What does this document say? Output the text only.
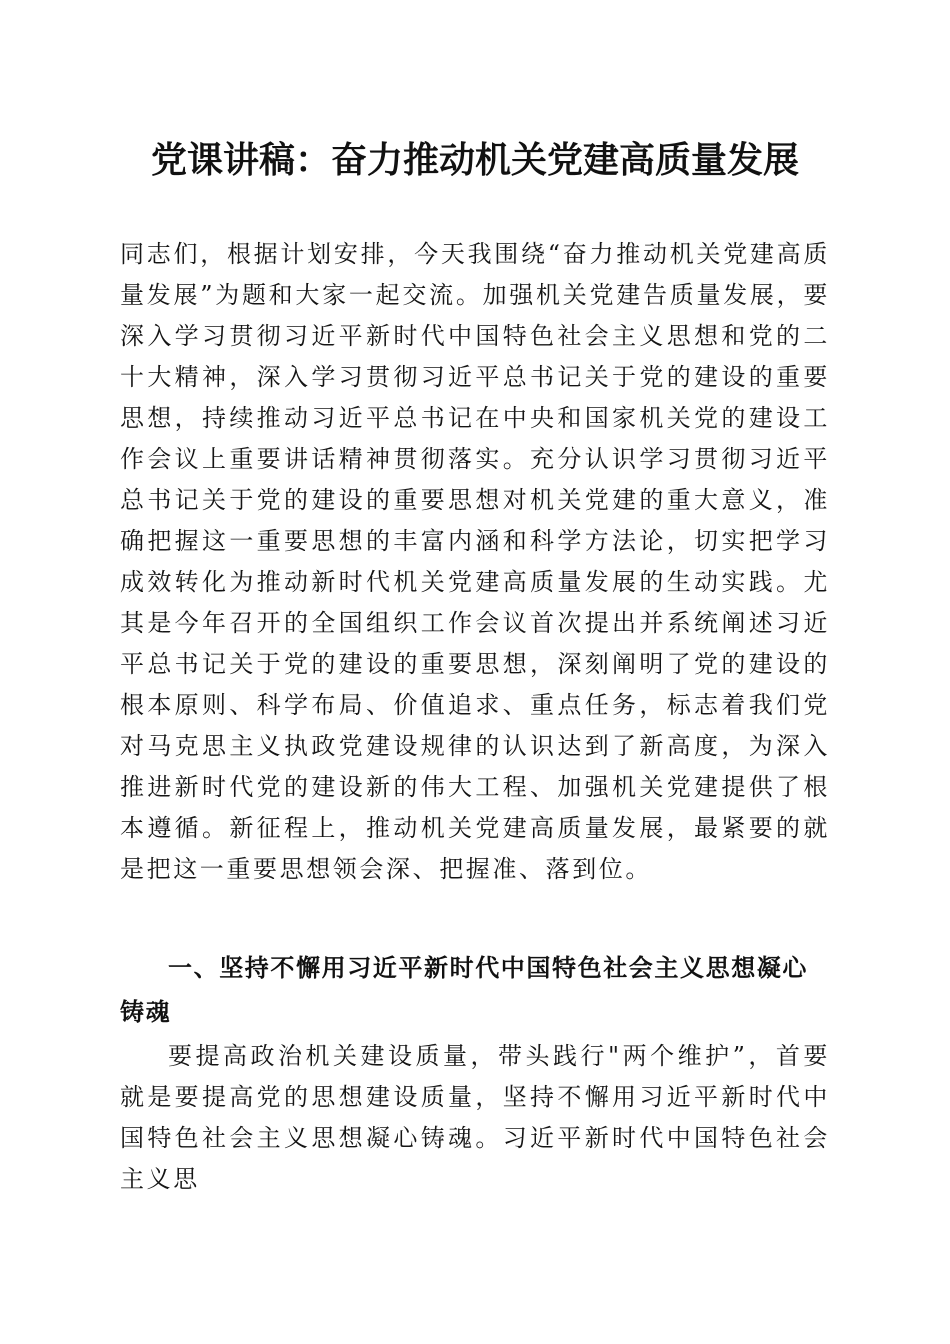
党课讲稿：奋力推动机关党建高质量发展

同志们，根据计划安排，今天我围绕“奋力推动机关党建高质量发展”为题和大家一起交流。加强机关党建告质量发展，要深入学习贯彻习近平新时代中国特色社会主义思想和党的二十大精神，深入学习贯彻习近平总书记关于党的建设的重要思想，持续推动习近平总书记在中央和国家机关党的建设工作会议上重要讲话精神贯彻落实。充分认识学习贯彻习近平总书记关于党的建设的重要思想对机关党建的重大意义，准确把握这一重要思想的丰富内涵和科学方法论，切实把学习成效转化为推动新时代机关党建高质量发展的生动实践。尤其是今年召开的全国组织工作会议首次提出并系统阐述习近平总书记关于党的建设的重要思想，深刻阐明了党的建设的根本原则、科学布局、价值追求、重点任务，标志着我们党对马克思主义执政党建设规律的认识达到了新高度，为深入推进新时代党的建设新的伟大工程、加强机关党建提供了根本遵循。新征程上，推动机关党建高质量发展，最紧要的就是把这一重要思想领会深、把握准、落到位。

一、坚持不懈用习近平新时代中国特色社会主义思想凝心铸魂

要提高政治机关建设质量，带头践行"两个维护”，首要就是要提高党的思想建设质量，坚持不懈用习近平新时代中国特色社会主义思想凝心铸魂。习近平新时代中国特色社会主义思
